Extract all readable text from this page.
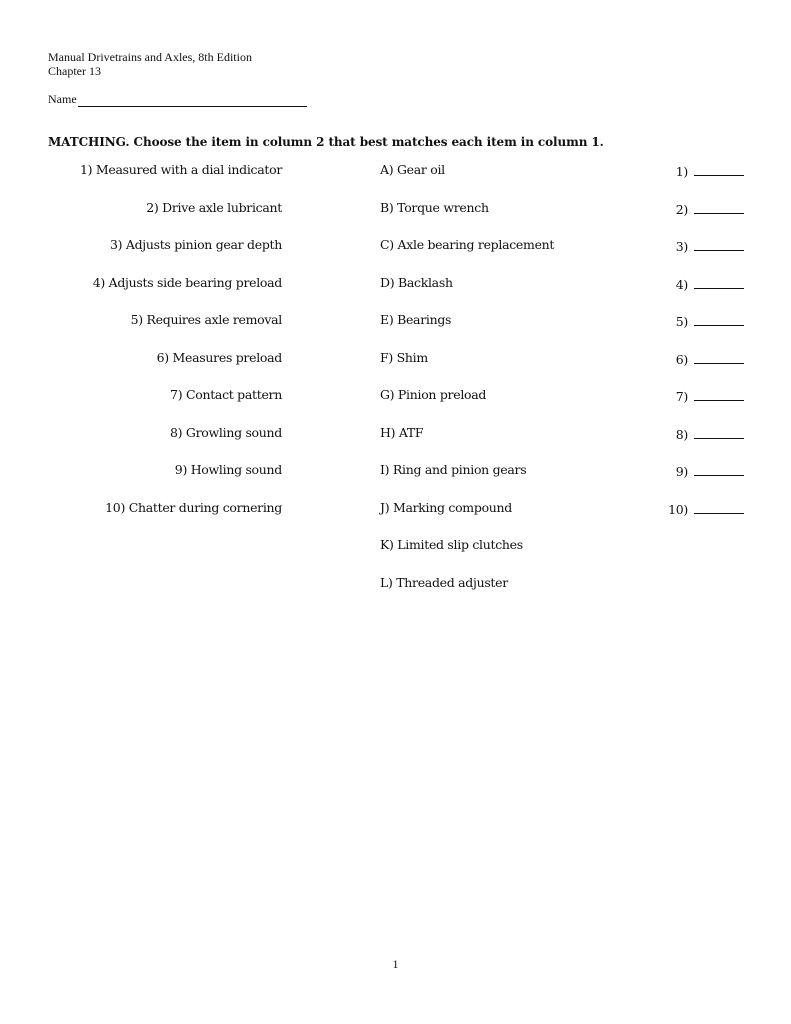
Manual Drivetrains and Axles, 8th Edition
Chapter 13
Name
MATCHING. Choose the item in column 2 that best matches each item in column 1.
1) Measured with a dial indicator	A) Gear oil	1)
2) Drive axle lubricant	B) Torque wrench	2)
3) Adjusts pinion gear depth	C) Axle bearing replacement	3)
4) Adjusts side bearing preload	D) Backlash	4)
5) Requires axle removal	E) Bearings	5)
6) Measures preload	F) Shim	6)
7) Contact pattern	G) Pinion preload	7)
8) Growling sound	H) ATF	8)
9) Howling sound	I) Ring and pinion gears	9)
10) Chatter during cornering	J) Marking compound	10)
K) Limited slip clutches
L) Threaded adjuster
1
